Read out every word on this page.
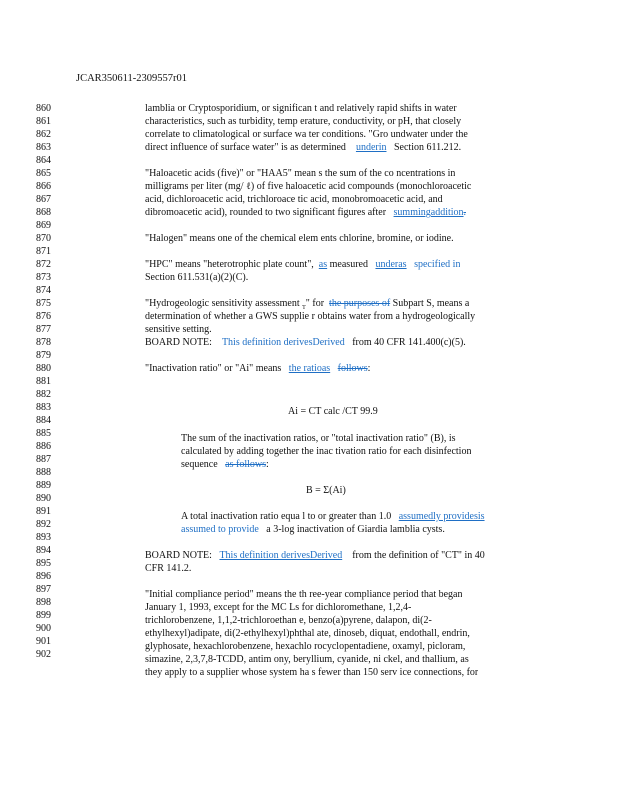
JCAR350611-2309557r01
860
861
862
863
864
865
866
867
868
869
870
871
872
873
874
875
876
877
878
879
880
881
882
883
884
885
886
887
888
889
890
891
892
893
894
895
896
897
898
899
900
901
902
lamblia or Cryptosporidium, or significan t and relatively rapid shifts in water
characteristics, such as turbidity, temp erature, conductivity, or pH, that closely
correlate to climatological or surface wa ter conditions. "Gro undwater under the
direct influence of surface water" is as determined underin Section 611.212.
"Haloacetic acids (five)" or "HAA5" mean s the sum of the co ncentrations in
milligrams per liter (mg/ ℓ) of five haloacetic acid compounds (monochloroacetic
acid, dichloroacetic acid, trichloroace tic acid, monobromoacetic acid, and
dibromoacetic acid), rounded to two significant figures after summingaddition.
"Halogen" means one of the chemical elem ents chlorine, bromine, or iodine.
"HPC" means "heterotrophic plate count", as measured underas specified in
Section 611.531(a)(2)(C).
"Hydrogeologic sensitivity assessment $_T$" for the purposes of Subpart S, means a
determination of whether a GWS supplie r obtains water from a hydrogeologically
sensitive setting.
BOARD NOTE: This definition derivesDerived from 40 CFR 141.400(c)(5).
"Inactivation ratio" or "Ai" means the ratioas follows:
Ai = CT calc /CT 99.9
The sum of the inactivation ratios, or "total inactivation ratio" (B), is
calculated by adding together the inac tivation ratio for each disinfection
sequence as follows:
B = Σ(Ai)
A total inactivation ratio equa l to or greater than 1.0 assumedly providesis
assumed to provide a 3-log inactivation of Giardia lamblia cysts.
BOARD NOTE: This definition derivesDerived from the definition of "CT" in 40
CFR 141.2.
"Initial compliance period" means the th ree-year compliance period that began
January 1, 1993, except for the MC Ls for dichloromethane, 1,2,4-
trichlorobenzene, 1,1,2-trichloroethan e, benzo(a)pyrene, dalapon, di(2-
ethylhexyl)adipate, di(2-ethylhexyl)phthal ate, dinoseb, diquat, endothall, endrin,
glyphosate, hexachlorobenzene, hexachlo rocyclopentadiene, oxamyl, picloram,
simazine, 2,3,7,8-TCDD, antim ony, beryllium, cyanide, ni ckel, and thallium, as
they apply to a supplier whose system ha s fewer than 150 serv ice connections, for
